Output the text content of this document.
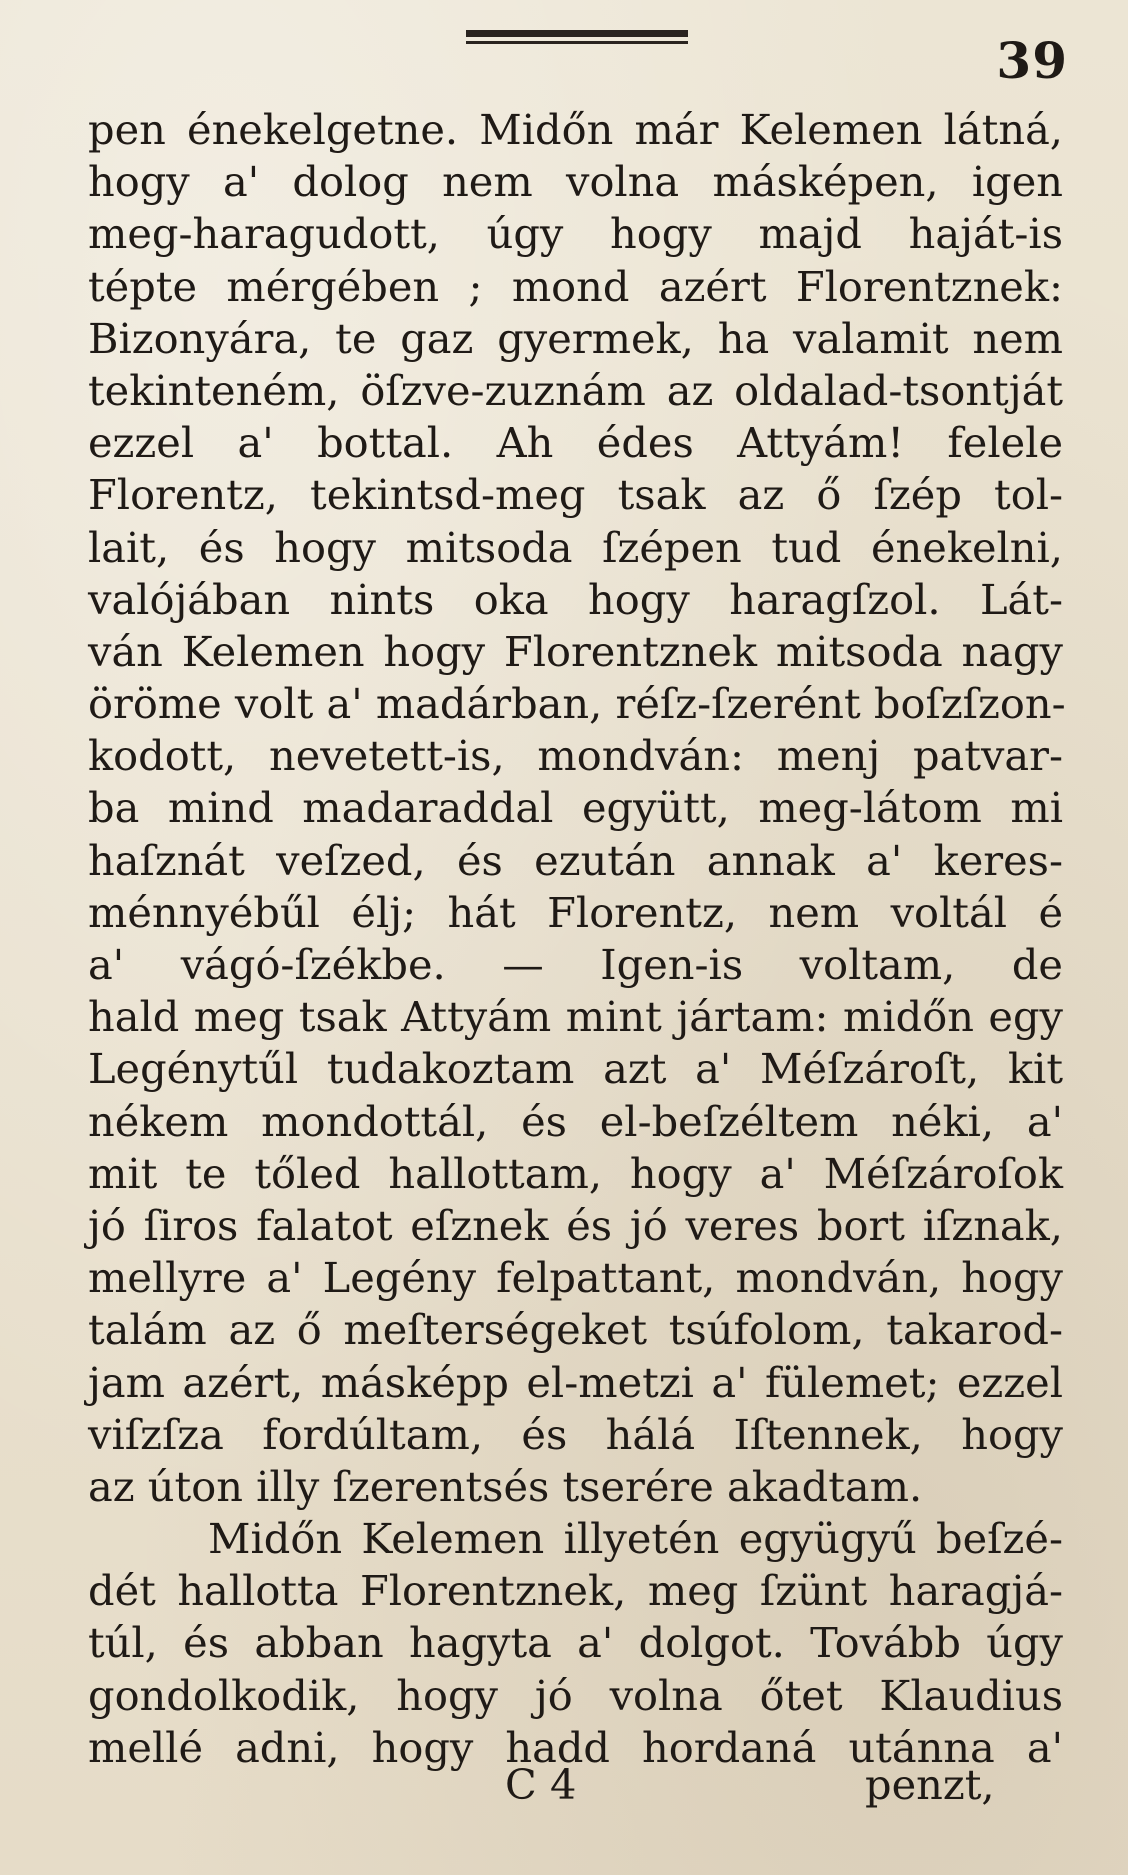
39
pen énekelgetne. Midőn már Kelemen látná,
hogy a' dolog nem volna másképen, igen
meg-haragudott, úgy hogy majd haját-is
tépte mérgében ; mond azért Florentznek:
Bizonyára, te gaz gyermek, ha valamit nem
tekinteném, öſzve-zuznám az oldalad-tsontját
ezzel a' bottal. Ah édes Attyám! felele
Florentz, tekintsd-meg tsak az ő ſzép tol-
lait, és hogy mitsoda ſzépen tud énekelni,
valójában nints oka hogy haragſzol. Lát-
ván Kelemen hogy Florentznek mitsoda nagy
öröme volt a' madárban, réſz-ſzerént boſzſzon-
kodott, nevetett-is, mondván: menj patvar-
ba mind madaraddal együtt, meg-látom mi
haſznát veſzed, és ezután annak a' keres-
ménnyébűl élj; hát Florentz, nem voltál é
a' vágó-ſzékbe. — Igen-is voltam, de
hald meg tsak Attyám mint jártam: midőn egy
Legénytűl tudakoztam azt a' Méſzároſt, kit
nékem mondottál, és el-beſzéltem néki, a'
mit te tőled hallottam, hogy a' Méſzároſok
jó ſiros falatot eſznek és jó veres bort iſznak,
mellyre a' Legény felpattant, mondván, hogy
talám az ő meſterségeket tsúfolom, takarod-
jam azért, másképp el-metzi a' fülemet; ezzel
viſzſza fordúltam, és hálá Iſtennek, hogy
az úton illy ſzerentsés tserére akadtam.
Midőn Kelemen illyetén együgyű beſzé-
dét hallotta Florentznek, meg ſzünt haragjá-
túl, és abban hagyta a' dolgot. Tovább úgy
gondolkodik, hogy jó volna őtet Klaudius
mellé adni, hogy hadd hordaná utánna a'
C 4	penzt,
